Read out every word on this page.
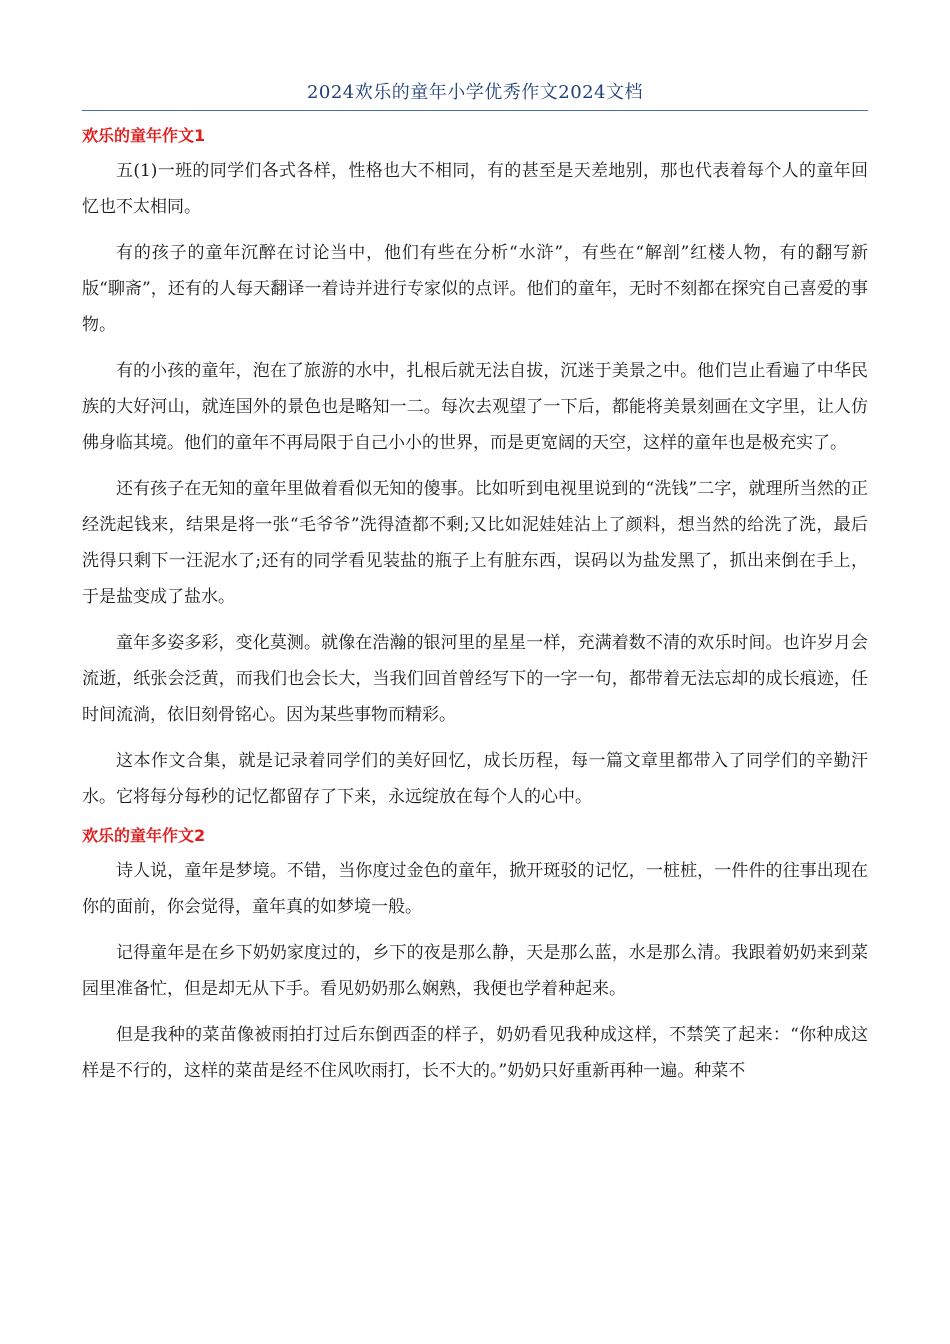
2024欢乐的童年小学优秀作文2024文档
欢乐的童年作文1

五(1)一班的同学们各式各样，性格也大不相同，有的甚至是天差地别，那也代表着每个人的童年回忆也不太相同。

有的孩子的童年沉醉在讨论当中，他们有些在分析“水浒”，有些在“解剖”红楼人物，有的翻写新版“聊斋”，还有的人每天翻译一着诗并进行专家似的点评。他们的童年，无时不刻都在探究自己喜爱的事物。

有的小孩的童年，泡在了旅游的水中，扎根后就无法自拔，沉迷于美景之中。他们岂止看遍了中华民族的大好河山，就连国外的景色也是略知一二。每次去观望了一下后，都能将美景刻画在文字里，让人仿佛身临其境。他们的童年不再局限于自己小小的世界，而是更宽阔的天空，这样的童年也是极充实了。

还有孩子在无知的童年里做着看似无知的傻事。比如听到电视里说到的“洗钱”二字，就理所当然的正经洗起钱来，结果是将一张“毛爷爷”洗得渣都不剩;又比如泥娃娃沾上了颜料，想当然的给洗了洗，最后洗得只剩下一汪泥水了;还有的同学看见装盐的瓶子上有脏东西，误码以为盐发黑了，抓出来倒在手上，于是盐变成了盐水。

童年多姿多彩，变化莫测。就像在浩瀚的银河里的星星一样，充满着数不清的欢乐时间。也许岁月会流逝，纸张会泛黄，而我们也会长大，当我们回首曾经写下的一字一句，都带着无法忘却的成长痕迹，任时间流淌，依旧刻骨铭心。因为某些事物而精彩。

这本作文合集，就是记录着同学们的美好回忆，成长历程，每一篇文章里都带入了同学们的辛勤汗水。它将每分每秒的记忆都留存了下来，永远绽放在每个人的心中。

欢乐的童年作文2

诗人说，童年是梦境。不错，当你度过金色的童年，掀开斑驳的记忆，一桩桩，一件件的往事出现在你的面前，你会觉得，童年真的如梦境一般。

记得童年是在乡下奶奶家度过的，乡下的夜是那么静，天是那么蓝，水是那么清。我跟着奶奶来到菜园里准备忙，但是却无从下手。看见奶奶那么娴熟，我便也学着种起来。

但是我种的菜苗像被雨拍打过后东倒西歪的样子，奶奶看见我种成这样，不禁笑了起来：“你种成这样是不行的，这样的菜苗是经不住风吹雨打，长不大的。”奶奶只好重新再种一遍。种菜不
